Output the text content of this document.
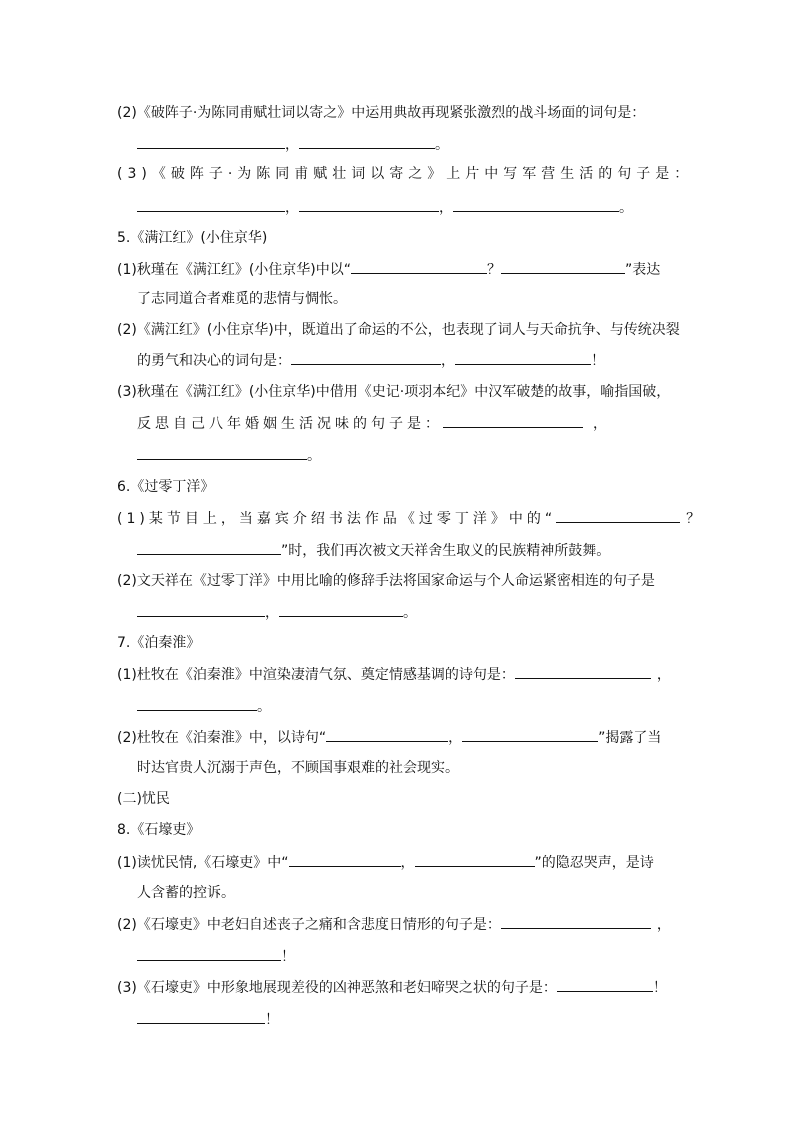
(2)《破阵子·为陈同甫赋壮词以寄之》中运用典故再现紧张激烈的战斗场面的词句是：
，	。
(3)《破阵子·为陈同甫赋壮词以寄之》上片中写军营生活的句子是：
，	，	。
5.《满江红》(小住京华)
(1)秋瑾在《满江红》(小住京华)中以“	？	”表达
了志同道合者难觅的悲情与惆怅。
(2)《满江红》(小住京华)中，既道出了命运的不公，也表现了词人与天命抗争、与传统决裂
的勇气和决心的词句是：	，	！
(3)秋瑾在《满江红》(小住京华)中借用《史记·项羽本纪》中汉军破楚的故事，喻指国破，
反思自己八年婚姻生活况味的句子是：	，
。
6.《过零丁洋》
(1)某节目上，当嘉宾介绍书法作品《过零丁洋》中的“	？
”时，我们再次被文天祥舍生取义的民族精神所鼓舞。
(2)文天祥在《过零丁洋》中用比喻的修辞手法将国家命运与个人命运紧密相连的句子是
，	。
7.《泊秦淮》
(1)杜牧在《泊秦淮》中渲染凄清气氛、奠定情感基调的诗句是：	，
。
(2)杜牧在《泊秦淮》中，以诗句“	，	”揭露了当
时达官贵人沉溺于声色，不顾国事艰难的社会现实。
(二)忧民
8.《石壕吏》
(1)读忧民情,《石壕吏》中“	，	”的隐忍哭声，是诗
人含蓄的控诉。
(2)《石壕吏》中老妇自述丧子之痛和含悲度日情形的句子是：	，
！
(3)《石壕吏》中形象地展现差役的凶神恶煞和老妇啼哭之状的句子是：	！
！
